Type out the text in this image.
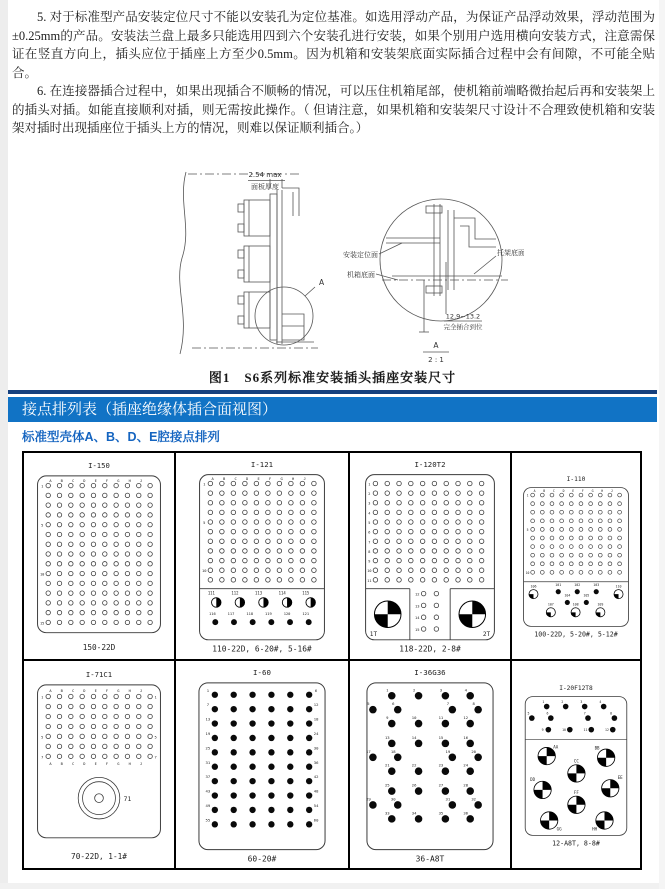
5. 对于标准型产品安装定位尺寸不能以安装孔为定位基准。如选用浮动产品，为保证产品浮动效果，浮动范围为±0.25mm的产品。安装法兰盘上最多只能选用四到六个安装孔进行安装，如果个别用户选用横向安装方式，注意需保证在竖直方向上，插头应位于插座上方至少0.5mm。因为机箱和安装架底面实际插合过程中会有间隙，不可能全贴合。

6. 在连接器插合过程中，如果出现插合不顺畅的情况，可以压住机箱尾部，使机箱前端略微抬起后再和安装架上的插头对插。如能直接顺利对插，则无需按此操作。（ 但请注意，如果机箱和安装架尺寸设计不合理致使机箱和安装架对插时出现插座位于插头上方的情况，则难以保证顺利插合。）

2.54 max
面板厚度
A
安装定位面
机箱底面
托架底面
12.9~13.2
完全插合到位
A
2 : 1
图1　S6系列标准安装插头插座安装尺寸
接点排列表（插座绝缘体插合面视图）
标准型壳体A、B、D、E腔接点排列
I-150
A B C D E F G H J
1
5
10
15
150-22D
I-121
A B C D E F G H J
1
5
10
111	112	113	114	115
116	117	118	119	120	121
110-22D, 6-20#, 5-16#
I-120T2
1
2
3
4
5
6
7
8
9
10
11
12
13
14
15
1T	2T
118-22D, 2-8#
I-110
A B C D E F G H J
1
5
10
106	110
101	102	103
104	105
107	108	109
100-22D, 5-20#, 5-12#
I-71C1
A B C D E F G H J
A B C D E F G H J
1
5
7
1
5
7
71
70-22D, 1-1#
I-60
1	6
7	12
13	18
19	24
25	30
31	36
37	42
43	48
49	54
55	60
60-20#
I-36G36
1	2	3	4
5	6	7	8
9	10	11	12
13	14	15	16
17	18	19	20
21	22	23	24
25	26	27	28
29	30	31	32
33	34	35	36
36-A8T
I-20F12T8
1	2	3	4
5	6	7	8
9	10	11	12
AA	BB
CC
DD	EE
FF
GG	HH
12-A8T, 8-8#
